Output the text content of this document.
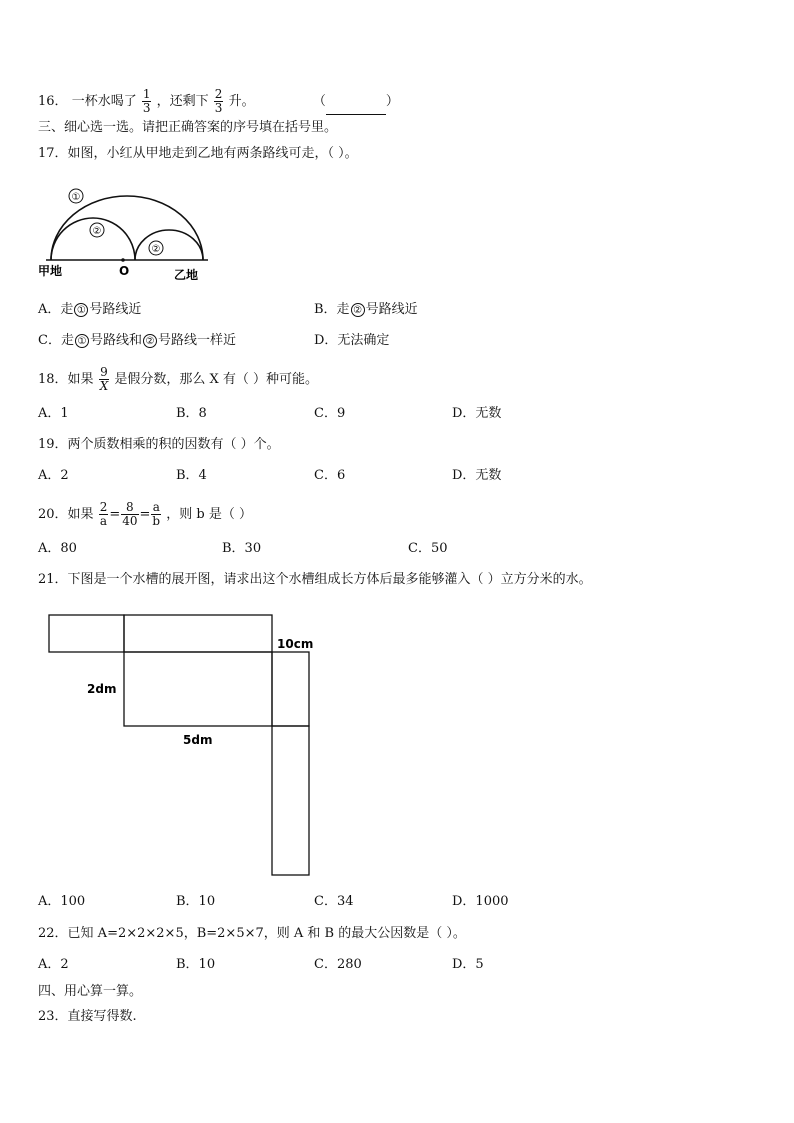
16． 一杯水喝了 $\frac{1}{3}$ ，还剩下 $\frac{2}{3}$ 升。	（	）
三、细心选一选。请把正确答案的序号填在括号里。
17．如图，小红从甲地走到乙地有两条路线可走，（ ）。
①
②
②
甲地	O	乙地
A．走 ① 号路线近	B．走 ② 号路线近
C．走 ① 号路线和 ② 号路线一样近	D．无法确定
18．如果 $\frac{9}{X}$ 是假分数，那么 X 有（ ）种可能。
A．1	B．8	C．9	D．无数
19．两个质数相乘的积的因数有（ ）个。
A．2	B．4	C．6	D．无数
20．如果 $\frac{2}{a} = \frac{8}{40} = \frac{a}{b}$ ，则 b 是（ ）
A．80	B．30	C．50
21．下图是一个水槽的展开图，请求出这个水槽组成长方体后最多能够灌入（ ）立方分米的水。
10cm
2dm
5dm
A．100	B．10	C．34	D．1000
22．已知 A=2×2×2×5，B=2×5×7，则 A 和 B 的最大公因数是（ ）。
A．2	B．10	C．280	D．5
四、用心算一算。
23．直接写得数.
